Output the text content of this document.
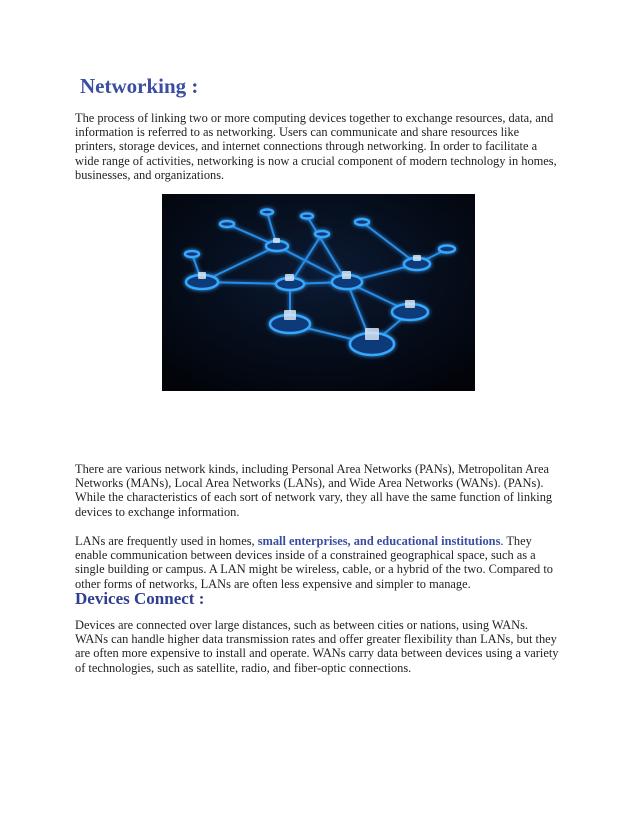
Networking :

The process of linking two or more computing devices together to exchange resources, data, and information is referred to as networking. Users can communicate and share resources like printers, storage devices, and internet connections through networking. In order to facilitate a wide range of activities, networking is now a crucial component of modern technology in homes, businesses, and organizations.

There are various network kinds, including Personal Area Networks (PANs), Metropolitan Area Networks (MANs), Local Area Networks (LANs), and Wide Area Networks (WANs). (PANs). While the characteristics of each sort of network vary, they all have the same function of linking devices to exchange information.

LANs are frequently used in homes, small enterprises, and educational institutions. They enable communication between devices inside of a constrained geographical space, such as a single building or campus. A LAN might be wireless, cable, or a hybrid of the two. Compared to other forms of networks, LANs are often less expensive and simpler to manage.

Devices Connect :

Devices are connected over large distances, such as between cities or nations, using WANs. WANs can handle higher data transmission rates and offer greater flexibility than LANs, but they are often more expensive to install and operate. WANs carry data between devices using a variety of technologies, such as satellite, radio, and fiber-optic connections.
